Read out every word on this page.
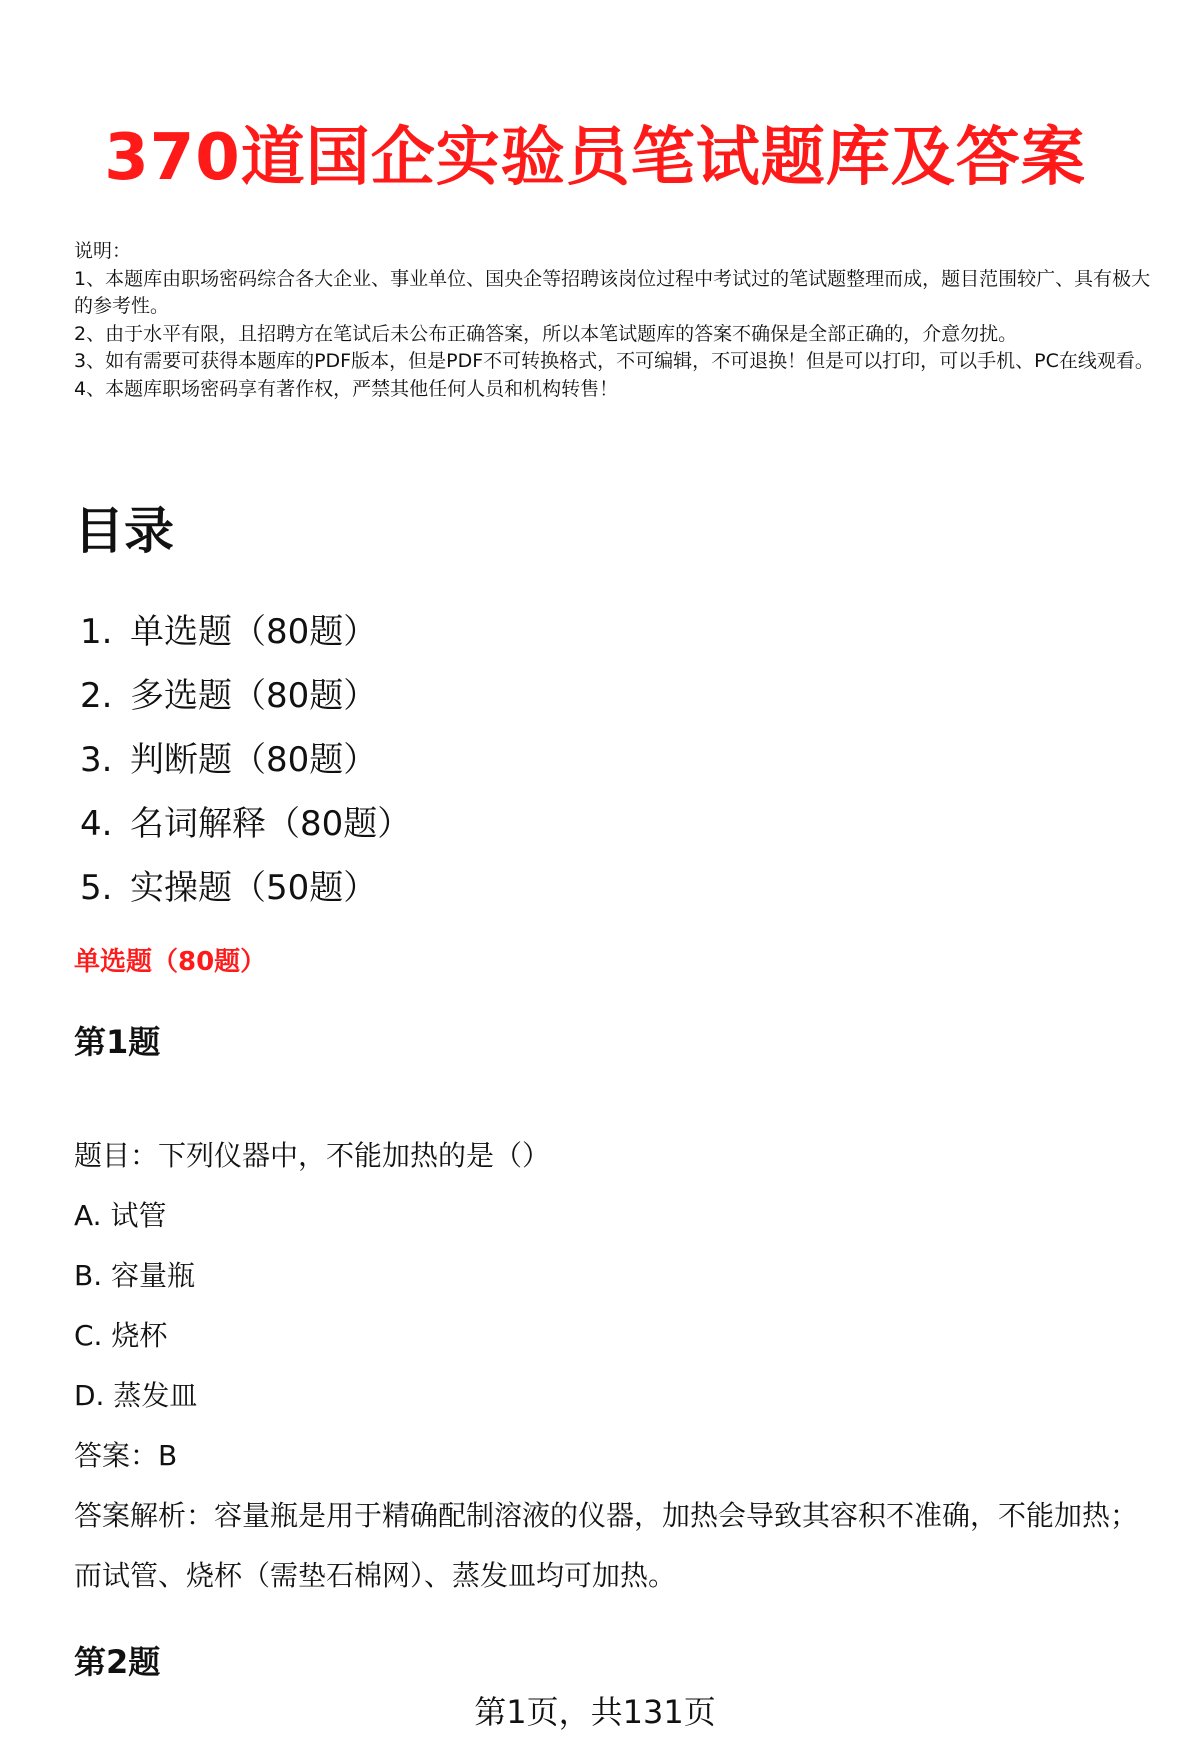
370道国企实验员笔试题库及答案
说明：
1、本题库由职场密码综合各大企业、事业单位、国央企等招聘该岗位过程中考试过的笔试题整理而成，题目范围较广、具有极大的参考性。
2、由于水平有限，且招聘方在笔试后未公布正确答案，所以本笔试题库的答案不确保是全部正确的，介意勿扰。
3、如有需要可获得本题库的PDF版本，但是PDF不可转换格式，不可编辑，不可退换！但是可以打印，可以手机、PC在线观看。
4、本题库职场密码享有著作权，严禁其他任何人员和机构转售！
目录
1. 单选题（80题）
2. 多选题（80题）
3. 判断题（80题）
4. 名词解释（80题）
5. 实操题（50题）
单选题（80题）
第1题
题目：下列仪器中，不能加热的是（）
A. 试管
B. 容量瓶
C. 烧杯
D. 蒸发皿
答案：B
答案解析：容量瓶是用于精确配制溶液的仪器，加热会导致其容积不准确，不能加热；而试管、烧杯（需垫石棉网）、蒸发皿均可加热。
第2题
第1页，共131页
